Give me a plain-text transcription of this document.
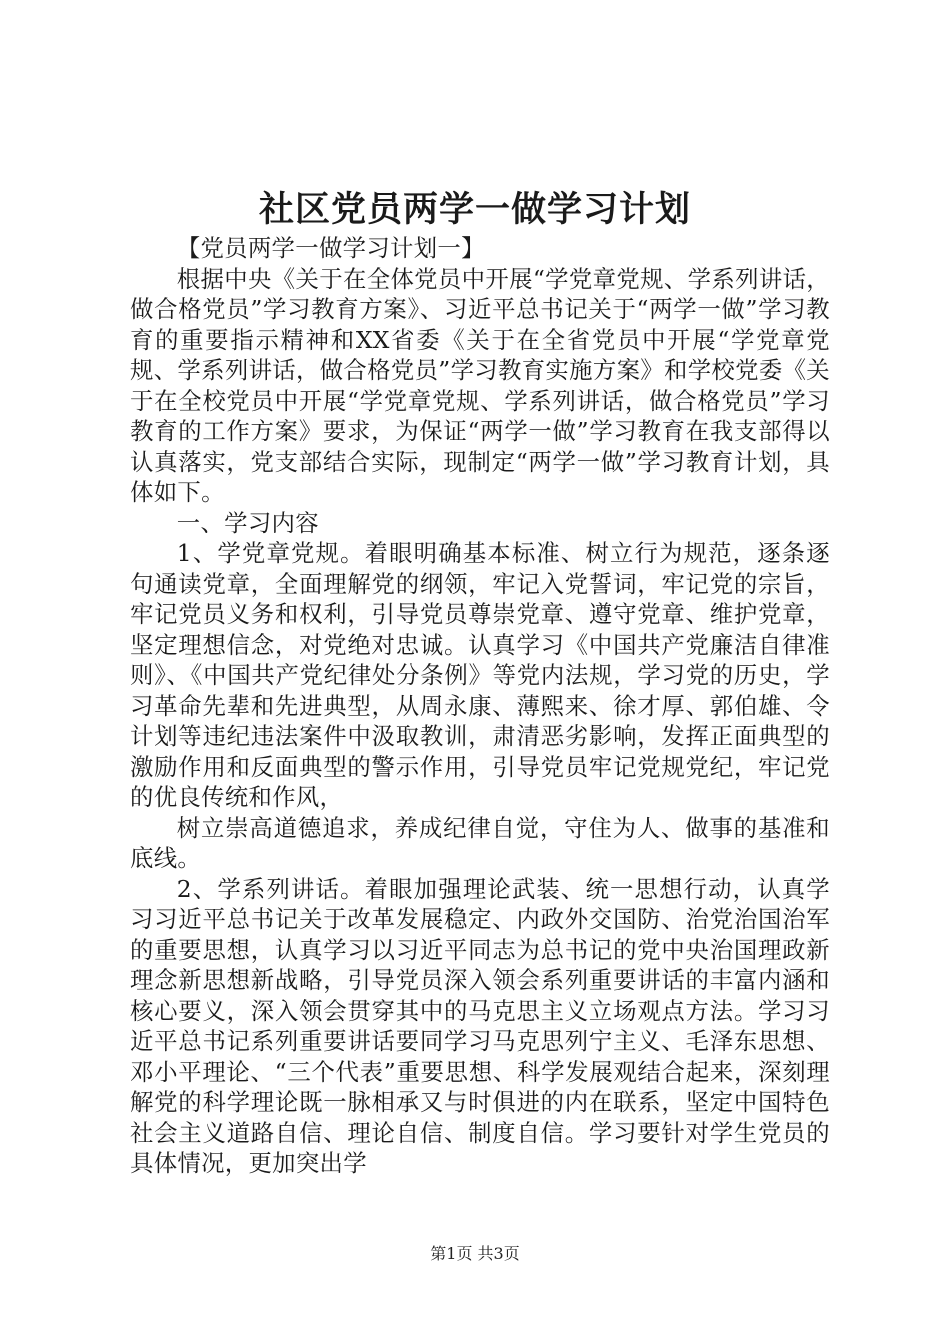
社区党员两学一做学习计划

【党员两学一做学习计划一】

根据中央《关于在全体党员中开展“学党章党规、学系列讲话，做合格党员”学习教育方案》、习近平总书记关于“两学一做”学习教育的重要指示精神和XX省委《关于在全省党员中开展“学党章党规、学系列讲话，做合格党员”学习教育实施方案》和学校党委《关于在全校党员中开展“学党章党规、学系列讲话，做合格党员”学习教育的工作方案》要求，为保证“两学一做”学习教育在我支部得以认真落实，党支部结合实际，现制定“两学一做”学习教育计划，具体如下。

一、学习内容

1、学党章党规。着眼明确基本标准、树立行为规范，逐条逐句通读党章，全面理解党的纲领，牢记入党誓词，牢记党的宗旨，牢记党员义务和权利，引导党员尊崇党章、遵守党章、维护党章，坚定理想信念，对党绝对忠诚。认真学习《中国共产党廉洁自律准则》、《中国共产党纪律处分条例》等党内法规，学习党的历史，学习革命先辈和先进典型，从周永康、薄熙来、徐才厚、郭伯雄、令计划等违纪违法案件中汲取教训，肃清恶劣影响，发挥正面典型的激励作用和反面典型的警示作用，引导党员牢记党规党纪，牢记党的优良传统和作风，

树立崇高道德追求，养成纪律自觉，守住为人、做事的基准和底线。

2、学系列讲话。着眼加强理论武装、统一思想行动，认真学习习近平总书记关于改革发展稳定、内政外交国防、治党治国治军的重要思想，认真学习以习近平同志为总书记的党中央治国理政新理念新思想新战略，引导党员深入领会系列重要讲话的丰富内涵和核心要义，深入领会贯穿其中的马克思主义立场观点方法。学习习近平总书记系列重要讲话要同学习马克思列宁主义、毛泽东思想、邓小平理论、“三个代表”重要思想、科学发展观结合起来，深刻理解党的科学理论既一脉相承又与时俱进的内在联系，坚定中国特色社会主义道路自信、理论自信、制度自信。学习要针对学生党员的具体情况，更加突出学

第1页 共3页
